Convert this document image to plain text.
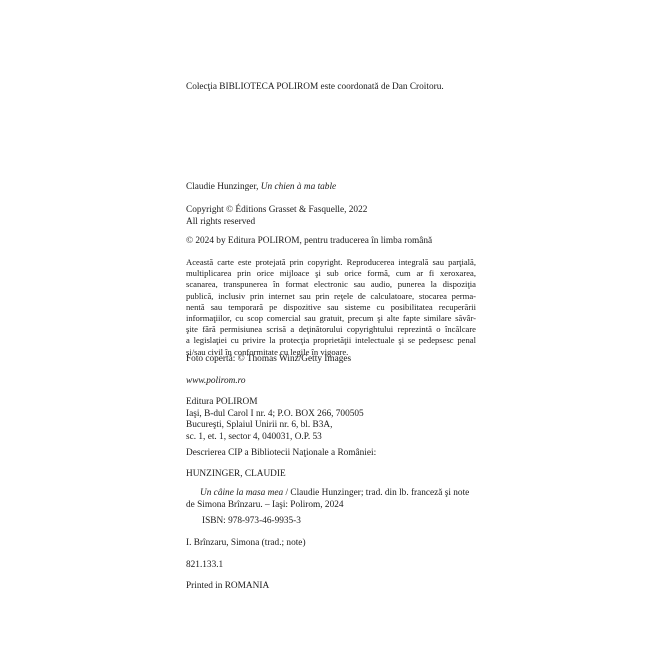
Colecţia BIBLIOTECA POLIROM este coordonată de Dan Croitoru.

Claudie Hunzinger, Un chien à ma table

Copyright © Éditions Grasset & Fasquelle, 2022

All rights reserved

© 2024 by Editura POLIROM, pentru traducerea în limba română

Această carte este protejată prin copyright. Reproducerea integrală sau parţială,
multiplicarea prin orice mijloace şi sub orice formă, cum ar fi xeroxarea,
scanarea, transpunerea în format electronic sau audio, punerea la dispoziţia
publică, inclusiv prin internet sau prin reţele de calculatoare, stocarea perma-
nentă sau temporară pe dispozitive sau sisteme cu posibilitatea recuperării
informaţiilor, cu scop comercial sau gratuit, precum şi alte fapte similare săvâr-
şite fără permisiunea scrisă a deţinătorului copyrightului reprezintă o încălcare
a legislaţiei cu privire la protecţia proprietăţii intelectuale şi se pedepsesc penal
şi/sau civil în conformitate cu legile în vigoare.

Foto copertă: © Thomas Winz/Getty Images

www.polirom.ro

Editura POLIROM
Iaşi, B-dul Carol I nr. 4; P.O. BOX 266, 700505
Bucureşti, Splaiul Unirii nr. 6, bl. B3A,
sc. 1, et. 1, sector 4, 040031, O.P. 53

Descrierea CIP a Bibliotecii Naţionale a României:

HUNZINGER, CLAUDIE

Un câine la masa mea / Claudie Hunzinger; trad. din lb. franceză şi note de Simona Brînzaru. – Iaşi: Polirom, 2024

ISBN: 978-973-46-9935-3

I. Brînzaru, Simona (trad.; note)

821.133.1

Printed in ROMANIA
